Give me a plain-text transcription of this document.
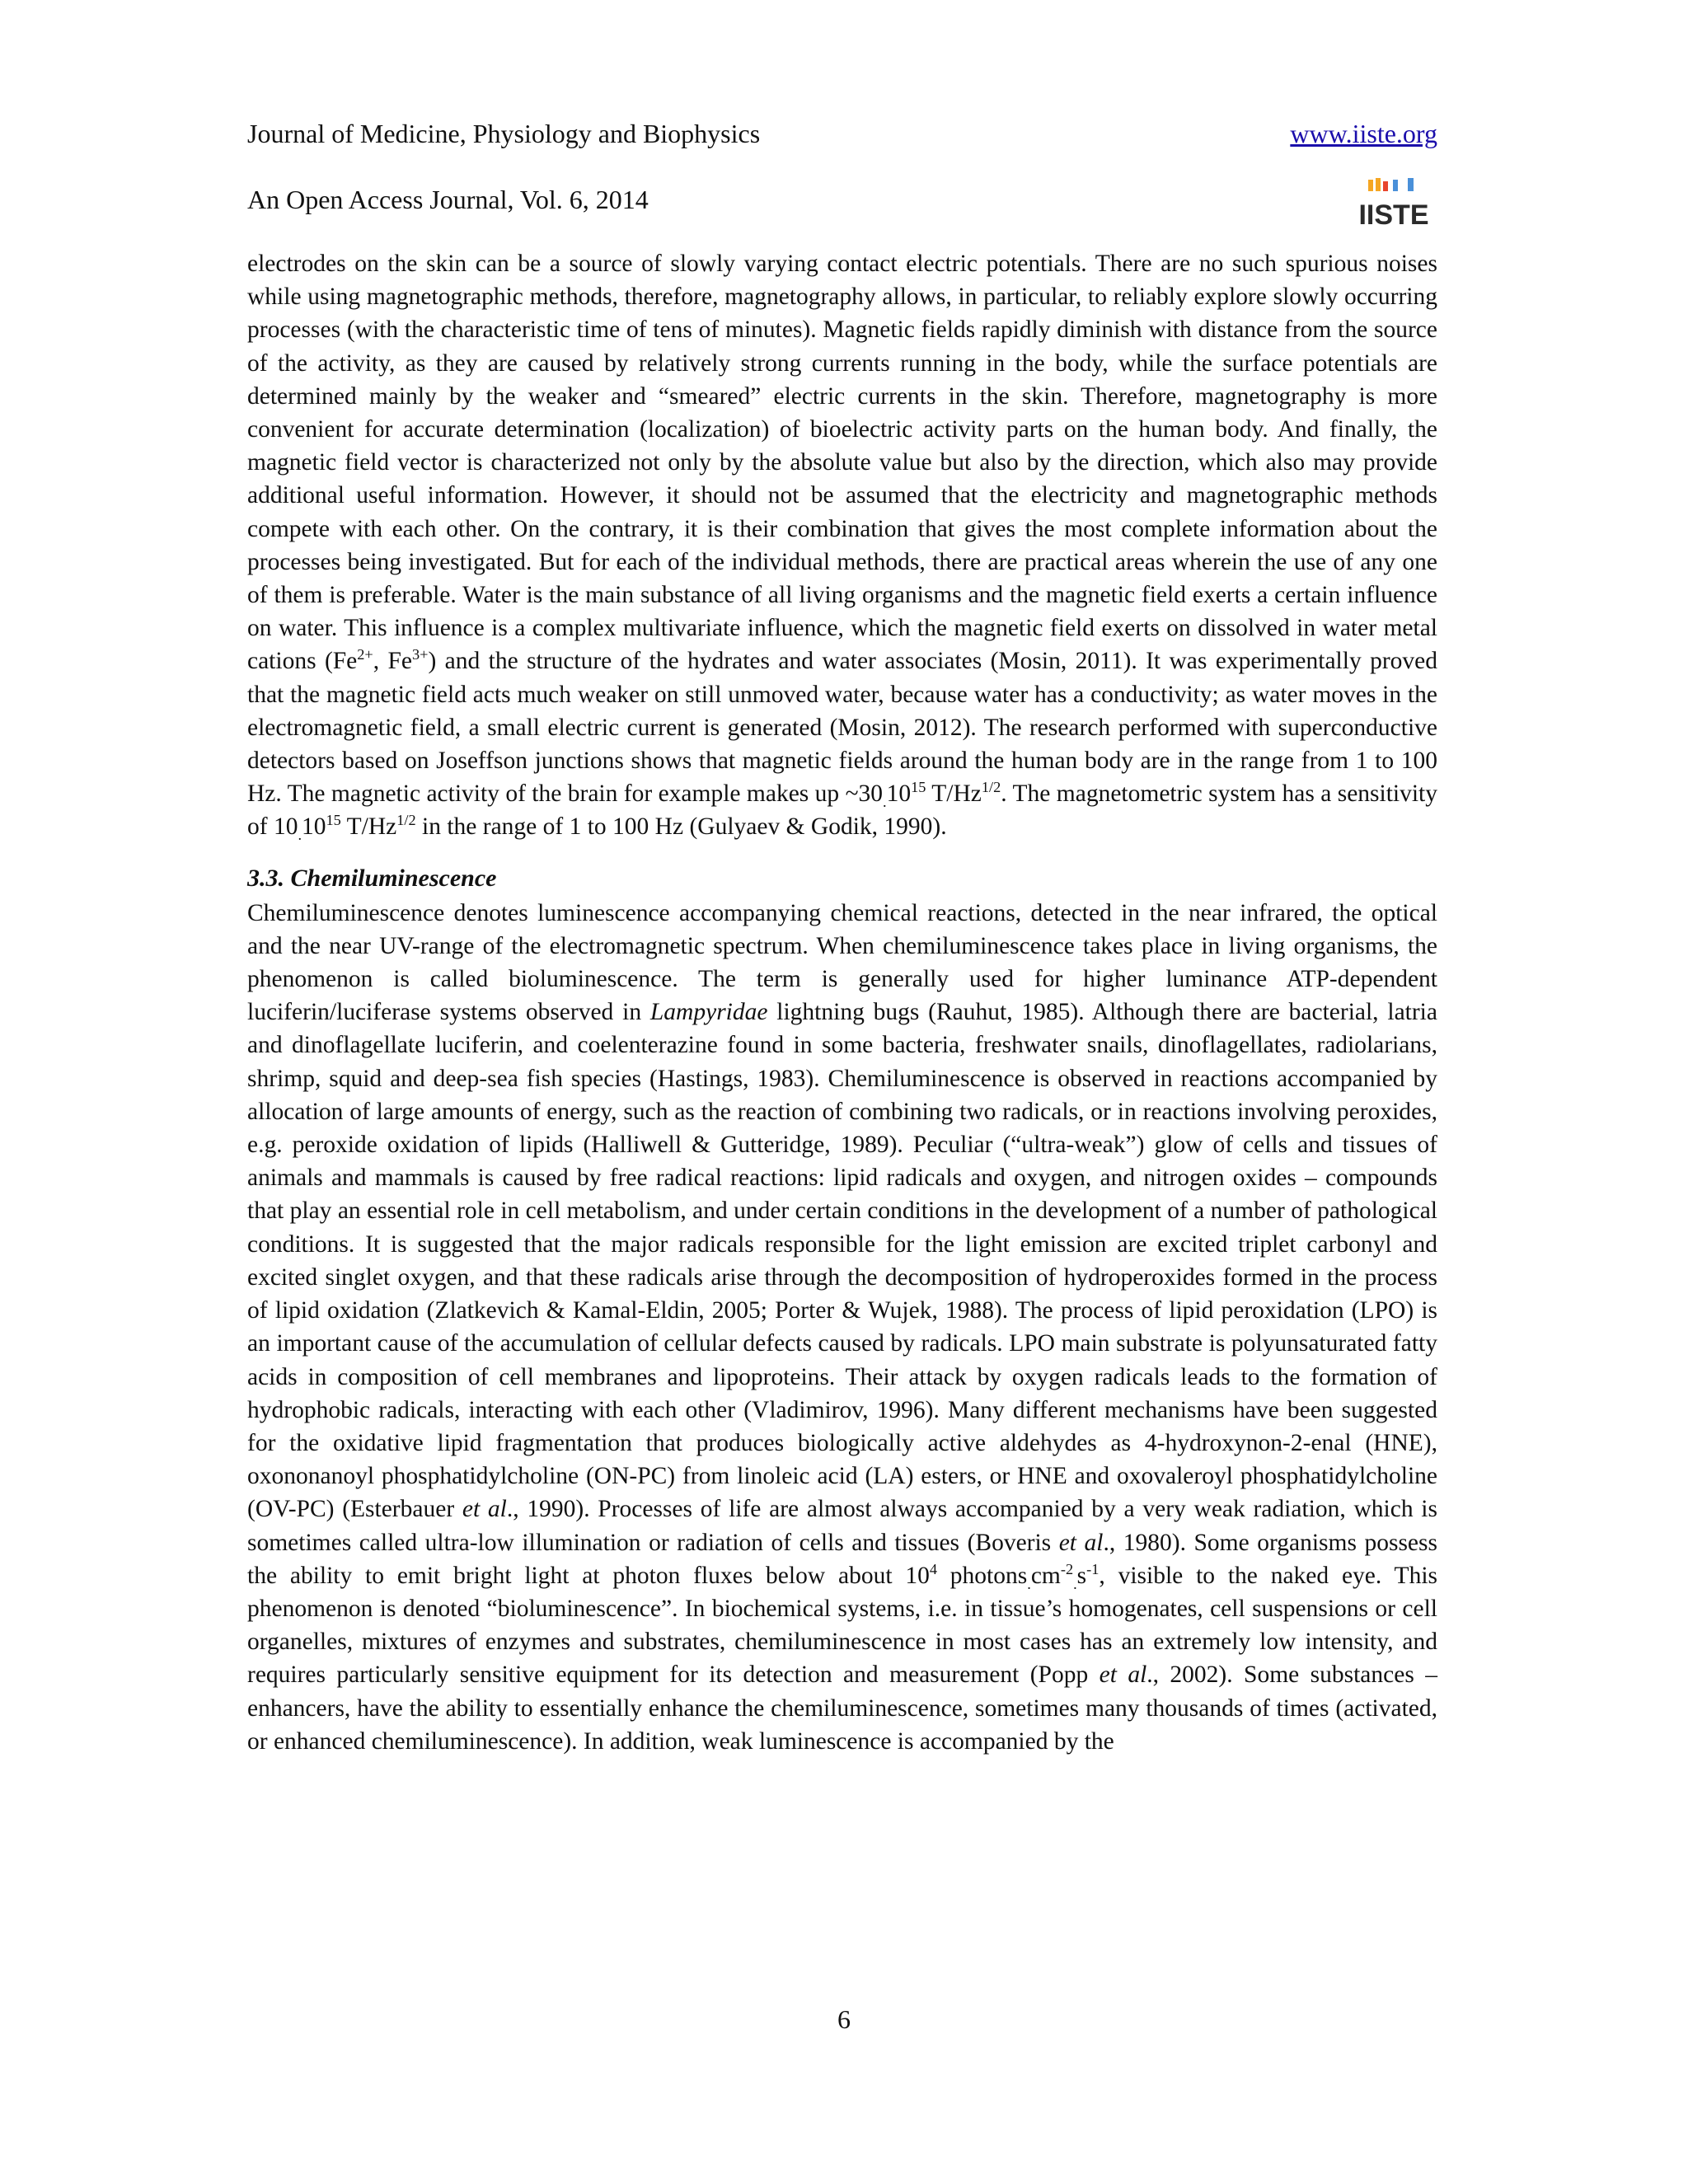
Journal of Medicine, Physiology and Biophysics	www.iiste.org
An Open Access Journal, Vol. 6, 2014	IISTE

electrodes on the skin can be a source of slowly varying contact electric potentials. There are no such spurious noises while using magnetographic methods, therefore, magnetography allows, in particular, to reliably explore slowly occurring processes (with the characteristic time of tens of minutes). Magnetic fields rapidly diminish with distance from the source of the activity, as they are caused by relatively strong currents running in the body, while the surface potentials are determined mainly by the weaker and “smeared” electric currents in the skin. Therefore, magnetography is more convenient for accurate determination (localization) of bioelectric activity parts on the human body. And finally, the magnetic field vector is characterized not only by the absolute value but also by the direction, which also may provide additional useful information. However, it should not be assumed that the electricity and magnetographic methods compete with each other. On the contrary, it is their combination that gives the most complete information about the processes being investigated. But for each of the individual methods, there are practical areas wherein the use of any one of them is preferable. Water is the main substance of all living organisms and the magnetic field exerts a certain influence on water. This influence is a complex multivariate influence, which the magnetic field exerts on dissolved in water metal cations ($Fe^{2+}$, $Fe^{3+}$) and the structure of the hydrates and water associates (Mosin, 2011). It was experimentally proved that the magnetic field acts much weaker on still unmoved water, because water has a conductivity; as water moves in the electromagnetic field, a small electric current is generated (Mosin, 2012). The research performed with superconductive detectors based on Joseffson junctions shows that magnetic fields around the human body are in the range from 1 to 100 Hz. The magnetic activity of the brain for example makes up $\sim 30_.10^{15}$ $T/Hz^{1/2}$. The magnetometric system has a sensitivity of $10_.10^{15}$ $T/Hz^{1/2}$ in the range of 1 to 100 Hz (Gulyaev & Godik, 1990).

3.3. Chemiluminescence

Chemiluminescence denotes luminescence accompanying chemical reactions, detected in the near infrared, the optical and the near UV-range of the electromagnetic spectrum. When chemiluminescence takes place in living organisms, the phenomenon is called bioluminescence. The term is generally used for higher luminance ATP-dependent luciferin/luciferase systems observed in Lampyridae lightning bugs (Rauhut, 1985). Although there are bacterial, latria and dinoflagellate luciferin, and coelenterazine found in some bacteria, freshwater snails, dinoflagellates, radiolarians, shrimp, squid and deep-sea fish species (Hastings, 1983). Chemiluminescence is observed in reactions accompanied by allocation of large amounts of energy, such as the reaction of combining two radicals, or in reactions involving peroxides, e.g. peroxide oxidation of lipids (Halliwell & Gutteridge, 1989). Peculiar (“ultra-weak”) glow of cells and tissues of animals and mammals is caused by free radical reactions: lipid radicals and oxygen, and nitrogen oxides – compounds that play an essential role in cell metabolism, and under certain conditions in the development of a number of pathological conditions. It is suggested that the major radicals responsible for the light emission are excited triplet carbonyl and excited singlet oxygen, and that these radicals arise through the decomposition of hydroperoxides formed in the process of lipid oxidation (Zlatkevich & Kamal-Eldin, 2005; Porter & Wujek, 1988). The process of lipid peroxidation (LPO) is an important cause of the accumulation of cellular defects caused by radicals. LPO main substrate is polyunsaturated fatty acids in composition of cell membranes and lipoproteins. Their attack by oxygen radicals leads to the formation of hydrophobic radicals, interacting with each other (Vladimirov, 1996). Many different mechanisms have been suggested for the oxidative lipid fragmentation that produces biologically active aldehydes as 4-hydroxynon-2-enal (HNE), oxononanoyl phosphatidylcholine (ON-PC) from linoleic acid (LA) esters, or HNE and oxovaleroyl phosphatidylcholine (OV-PC) (Esterbauer et al., 1990). Processes of life are almost always accompanied by a very weak radiation, which is sometimes called ultra-low illumination or radiation of cells and tissues (Boveris et al., 1980). Some organisms possess the ability to emit bright light at photon fluxes below about $10^4$ $photons_.cm^{-2}_.s^{-1}$, visible to the naked eye. This phenomenon is denoted “bioluminescence”. In biochemical systems, i.e. in tissue’s homogenates, cell suspensions or cell organelles, mixtures of enzymes and substrates, chemiluminescence in most cases has an extremely low intensity, and requires particularly sensitive equipment for its detection and measurement (Popp et al., 2002). Some substances – enhancers, have the ability to essentially enhance the chemiluminescence, sometimes many thousands of times (activated, or enhanced chemiluminescence). In addition, weak luminescence is accompanied by the

6
